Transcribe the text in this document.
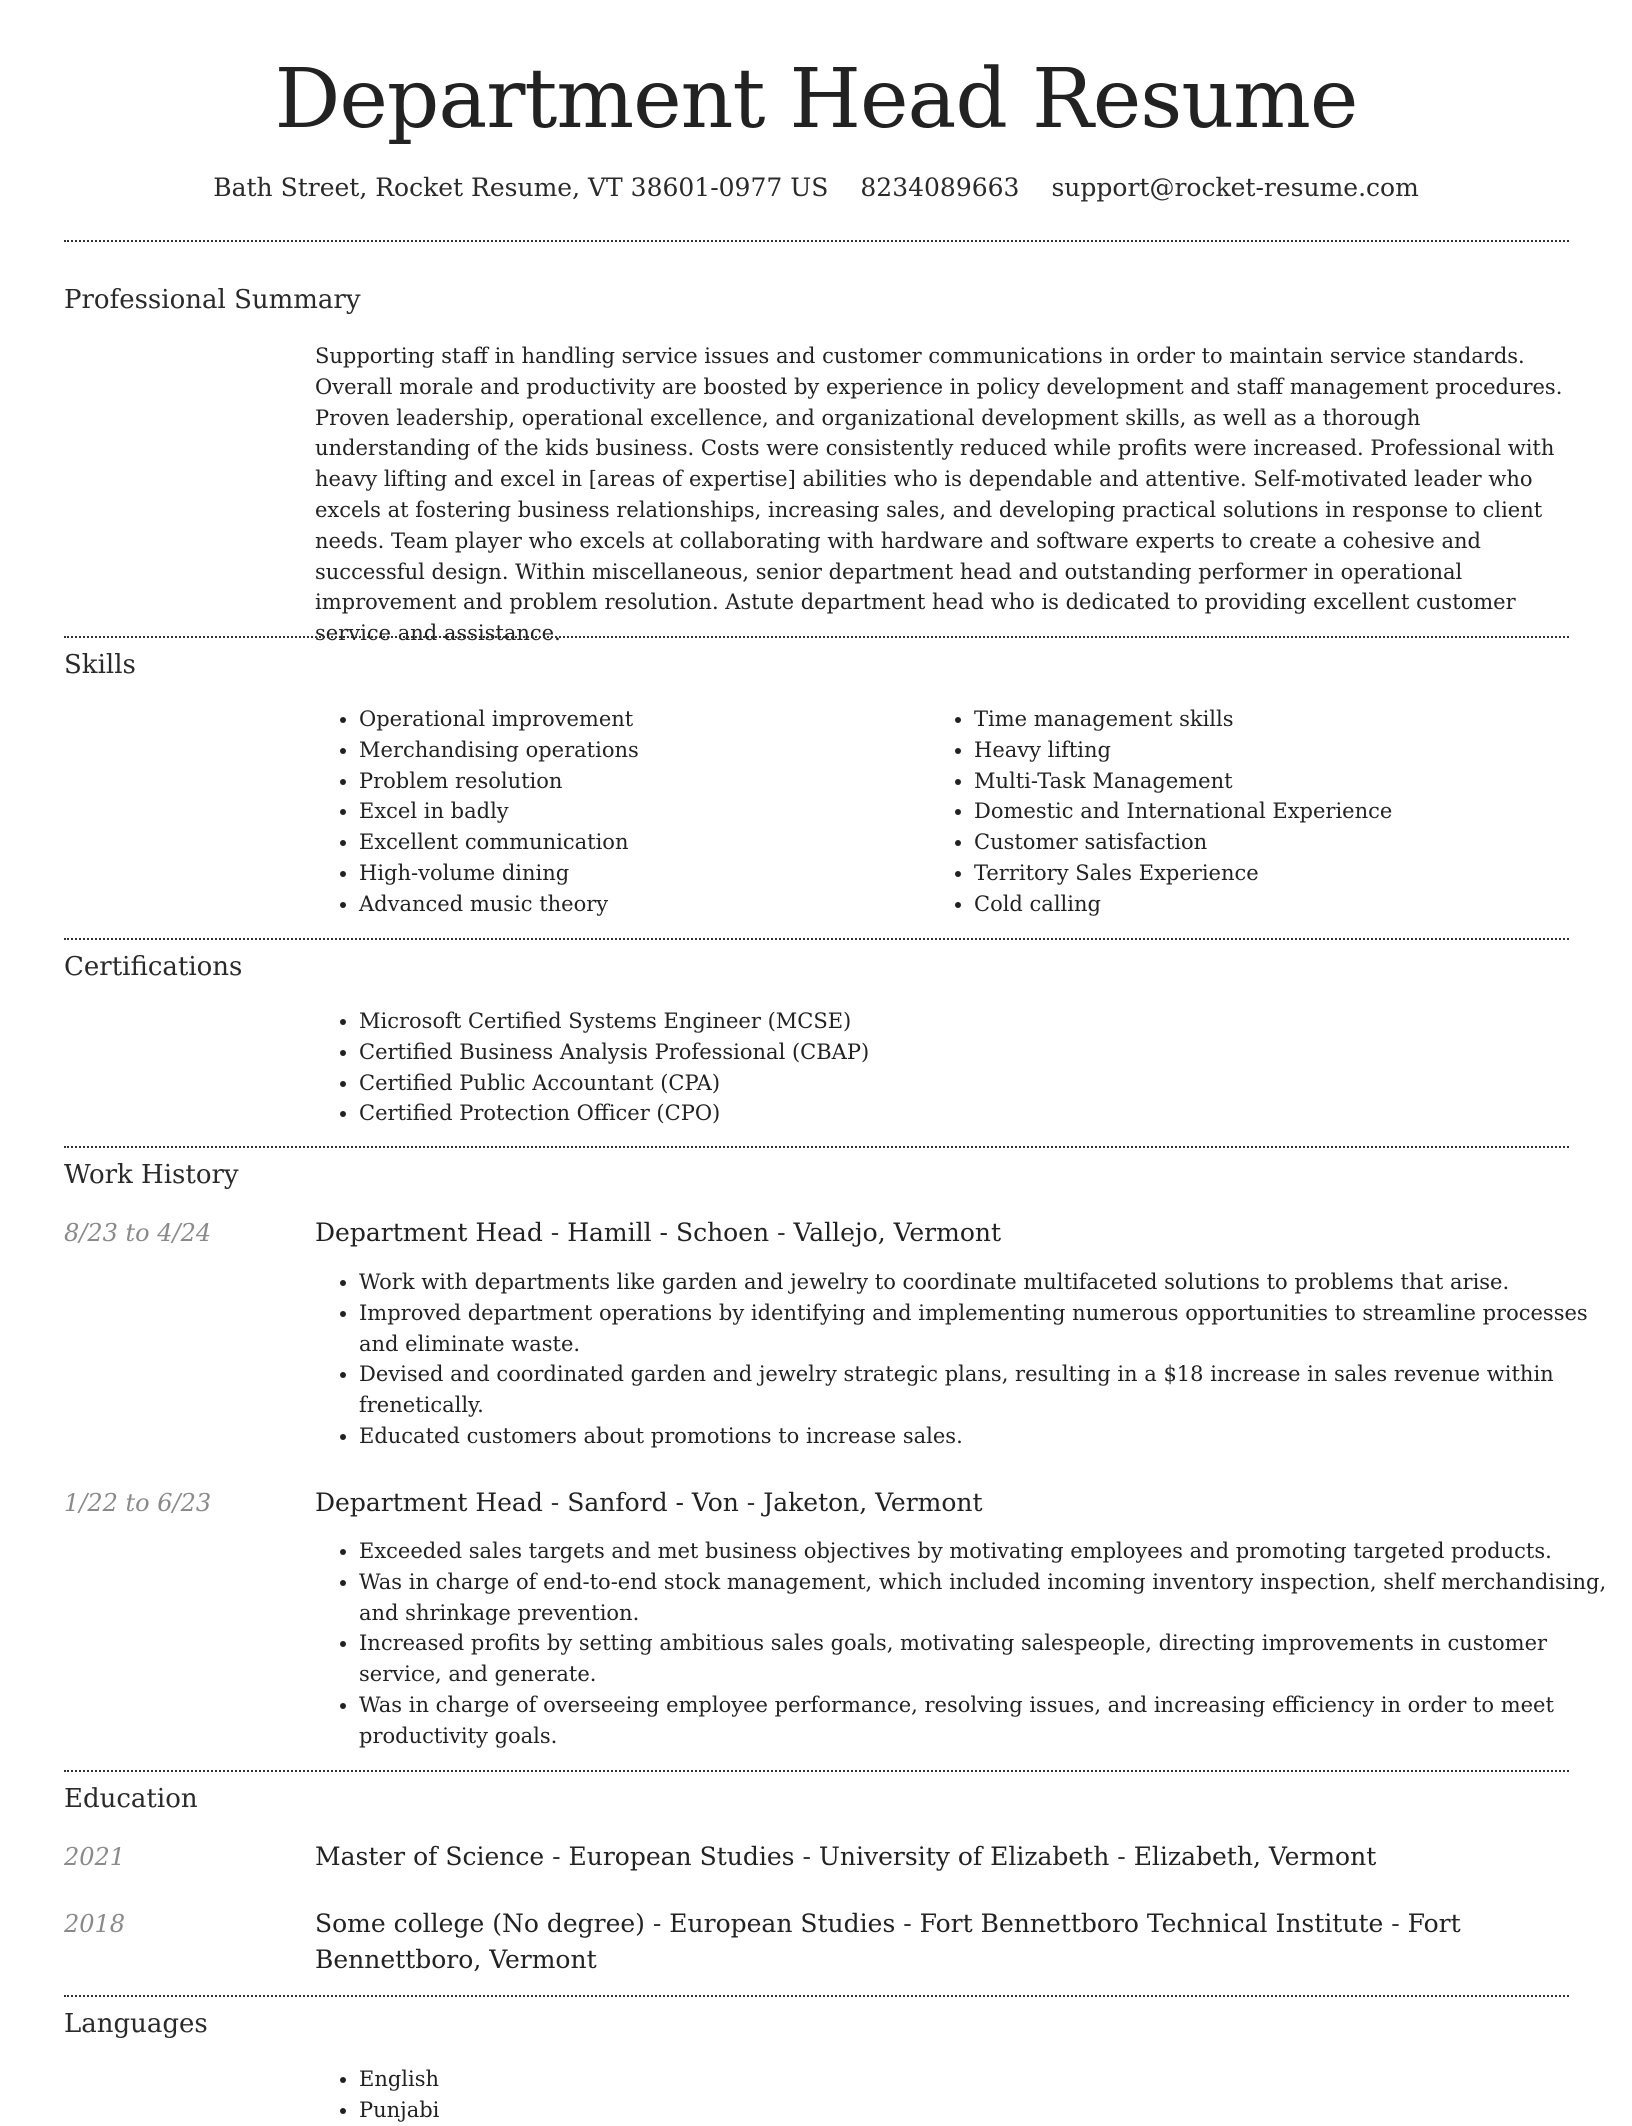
Department Head Resume
Bath Street, Rocket Resume, VT 38601-0977 US 8234089663 support@rocket-resume.com
Professional Summary
Supporting staff in handling service issues and customer communications in order to maintain service standards. Overall morale and productivity are boosted by experience in policy development and staff management procedures. Proven leadership, operational excellence, and organizational development skills, as well as a thorough understanding of the kids business. Costs were consistently reduced while profits were increased. Professional with heavy lifting and excel in [areas of expertise] abilities who is dependable and attentive. Self-motivated leader who excels at fostering business relationships, increasing sales, and developing practical solutions in response to client needs. Team player who excels at collaborating with hardware and software experts to create a cohesive and successful design. Within miscellaneous, senior department head and outstanding performer in operational improvement and problem resolution. Astute department head who is dedicated to providing excellent customer service and assistance.
Skills
• Operational improvement
• Merchandising operations
• Problem resolution
• Excel in badly
• Excellent communication
• High-volume dining
• Advanced music theory
• Time management skills
• Heavy lifting
• Multi-Task Management
• Domestic and International Experience
• Customer satisfaction
• Territory Sales Experience
• Cold calling
Certifications
• Microsoft Certified Systems Engineer (MCSE)
• Certified Business Analysis Professional (CBAP)
• Certified Public Accountant (CPA)
• Certified Protection Officer (CPO)
Work History
8/23 to 4/24	Department Head - Hamill - Schoen - Vallejo, Vermont
• Work with departments like garden and jewelry to coordinate multifaceted solutions to problems that arise.
• Improved department operations by identifying and implementing numerous opportunities to streamline processes and eliminate waste.
• Devised and coordinated garden and jewelry strategic plans, resulting in a $18 increase in sales revenue within frenetically.
• Educated customers about promotions to increase sales.
1/22 to 6/23	Department Head - Sanford - Von - Jaketon, Vermont
• Exceeded sales targets and met business objectives by motivating employees and promoting targeted products.
• Was in charge of end-to-end stock management, which included incoming inventory inspection, shelf merchandising, and shrinkage prevention.
• Increased profits by setting ambitious sales goals, motivating salespeople, directing improvements in customer service, and generate.
• Was in charge of overseeing employee performance, resolving issues, and increasing efficiency in order to meet productivity goals.
Education
2021	Master of Science - European Studies - University of Elizabeth - Elizabeth, Vermont
2018	Some college (No degree) - European Studies - Fort Bennettboro Technical Institute - Fort Bennettboro, Vermont
Languages
• English
• Punjabi
